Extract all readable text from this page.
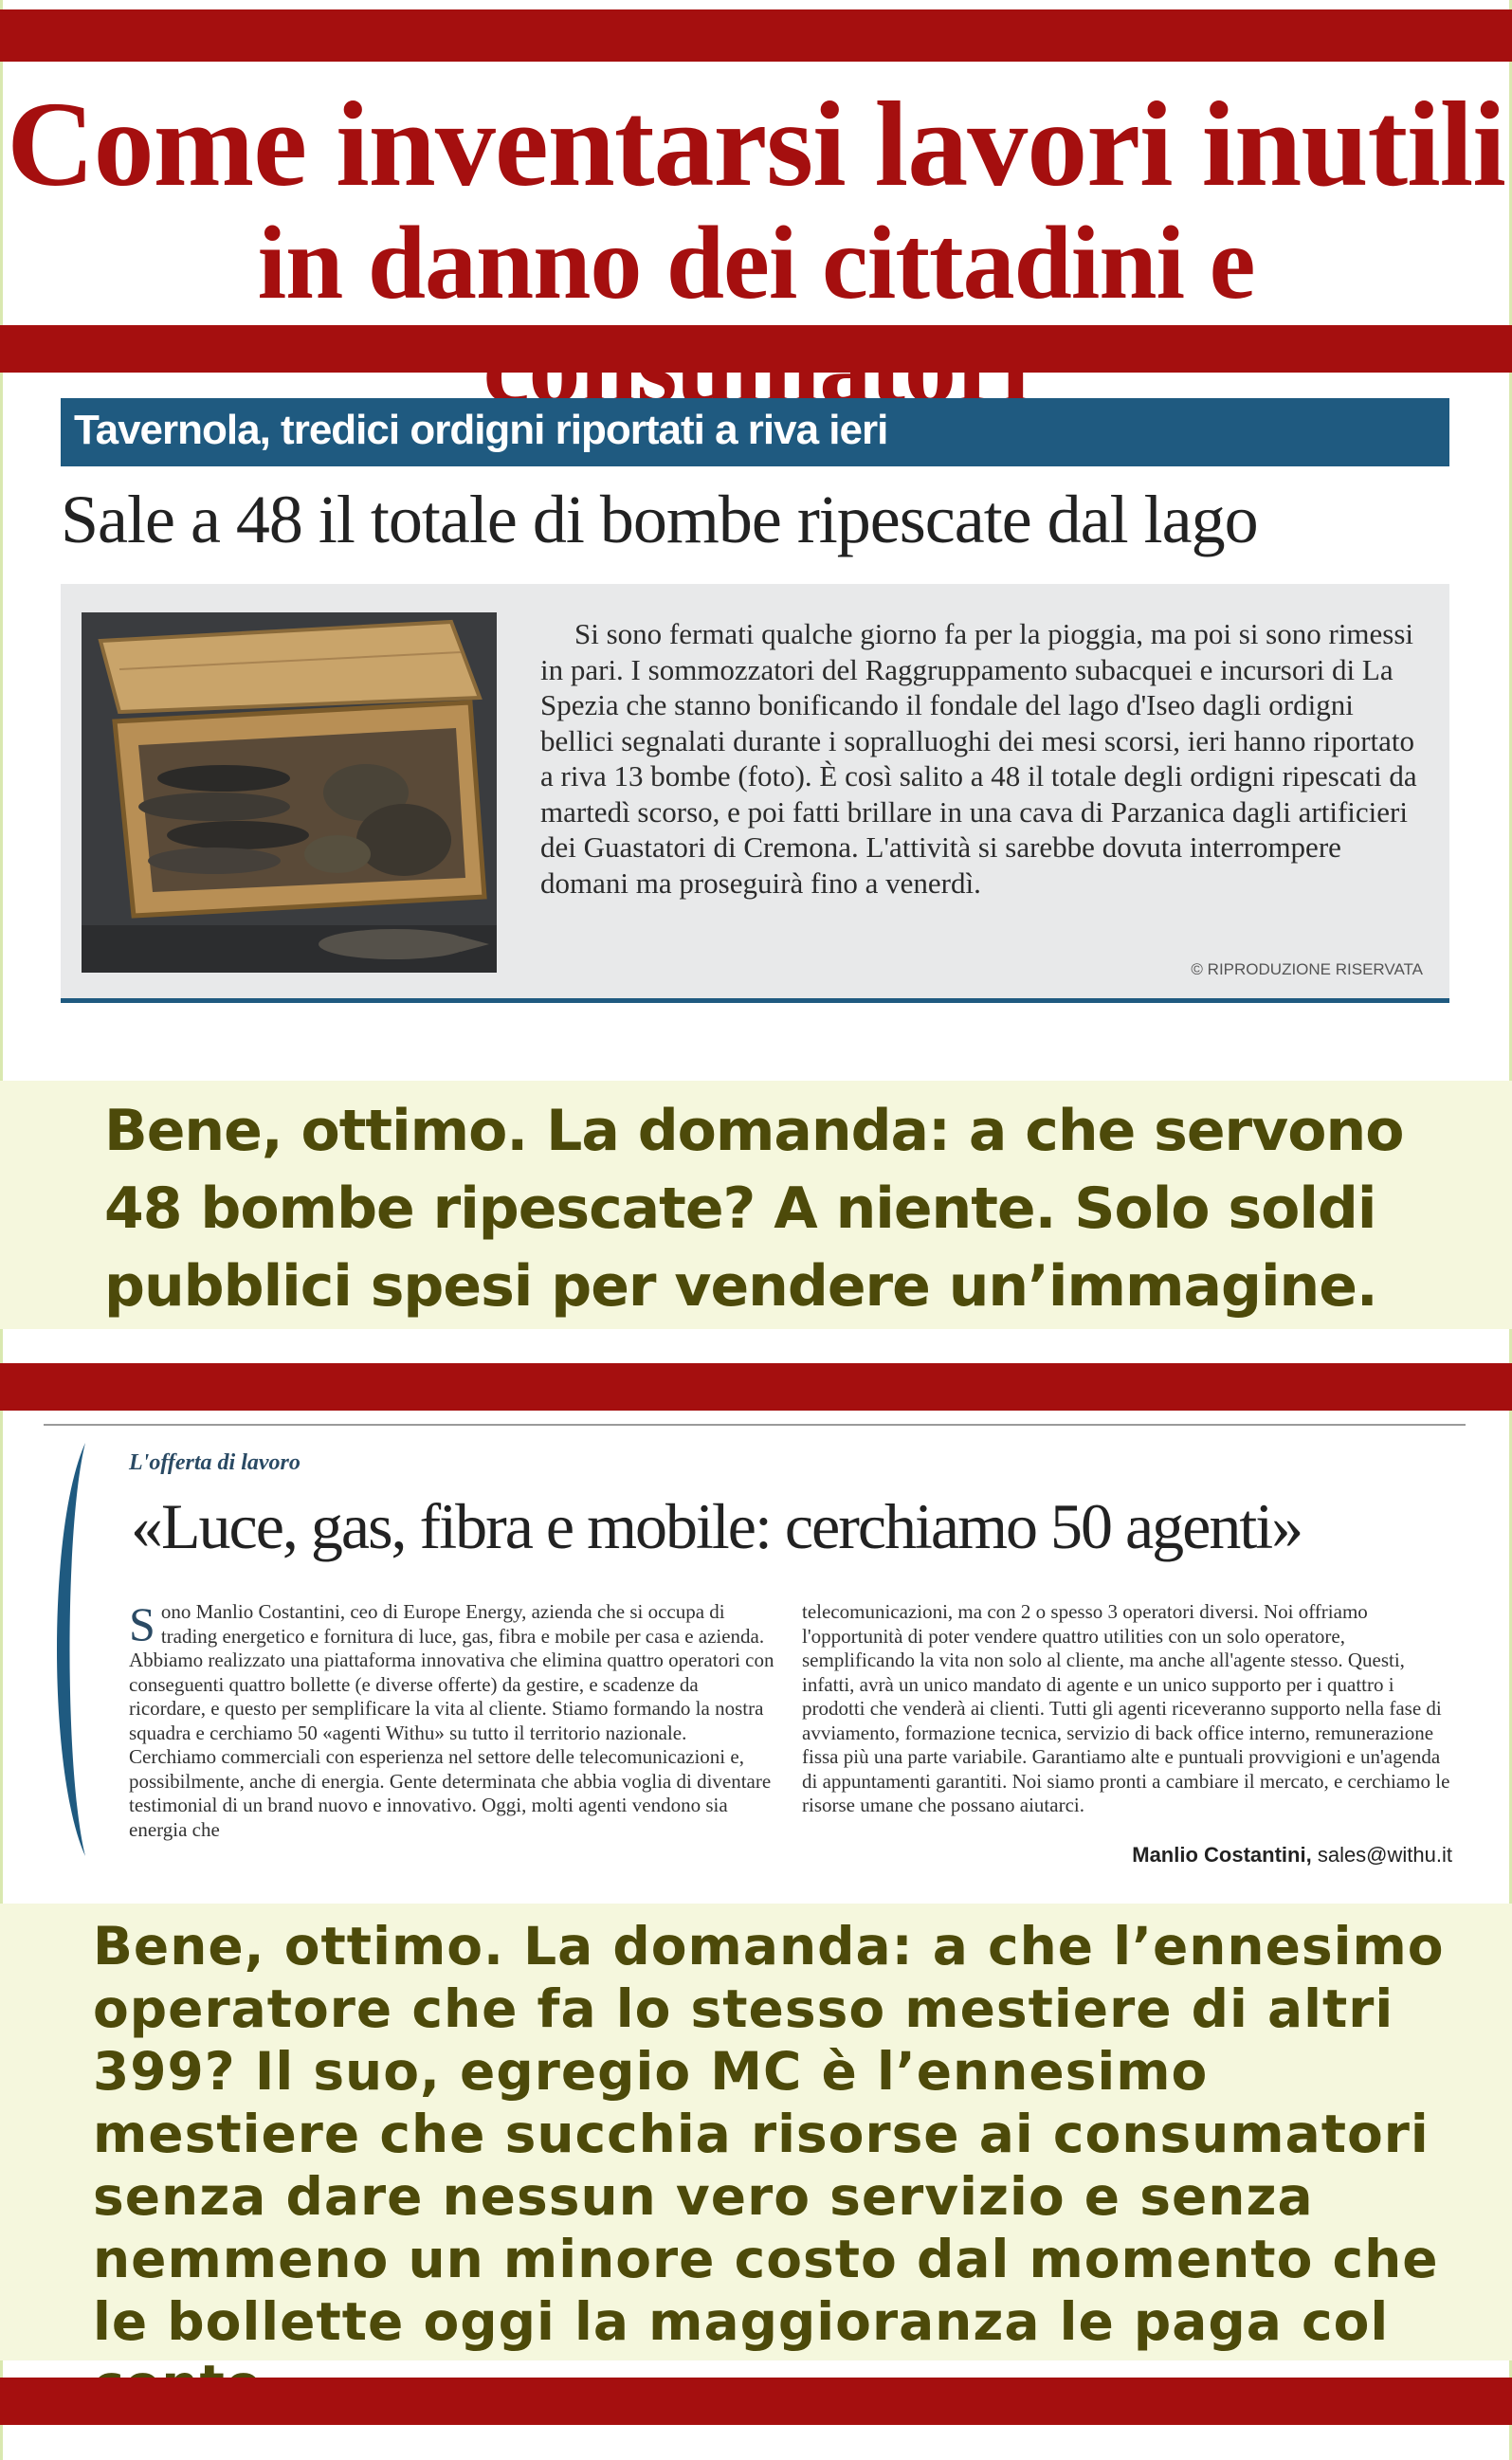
Come inventarsi lavori inutili
in danno dei cittadini e
Tavernola, tredici ordigni riportati a riva ieri
Sale a 48 il totale di bombe ripescate dal lago

Si sono fermati qualche giorno fa per la pioggia, ma poi si sono rimessi in pari. I sommozzatori del Raggruppamento subacquei e incursori di La Spezia che stanno bonificando il fondale del lago d'Iseo dagli ordigni bellici segnalati durante i sopralluoghi dei mesi scorsi, ieri hanno riportato a riva 13 bombe (foto). È così salito a 48 il totale degli ordigni ripescati da martedì scorso, e poi fatti brillare in una cava di Parzanica dagli artificieri dei Guastatori di Cremona. L'attività si sarebbe dovuta interrompere domani ma proseguirà fino a venerdì.

© RIPRODUZIONE RISERVATA

Bene, ottimo. La domanda: a che servono 48 bombe ripescate? A niente. Solo soldi pubblici spesi per vendere un’immagine.

L'offerta di lavoro
«Luce, gas, fibra e mobile: cerchiamo 50 agenti»

Sono Manlio Costantini, ceo di Europe Energy, azienda che si occupa di trading energetico e fornitura di luce, gas, fibra e mobile per casa e azienda. Abbiamo realizzato una piattaforma innovativa che elimina quattro operatori con conseguenti quattro bollette (e diverse offerte) da gestire, e scadenze da ricordare, e questo per semplificare la vita al cliente. Stiamo formando la nostra squadra e cerchiamo 50 «agenti Withu» su tutto il territorio nazionale. Cerchiamo commerciali con esperienza nel settore delle telecomunicazioni e, possibilmente, anche di energia. Gente determinata che abbia voglia di diventare testimonial di un brand nuovo e innovativo. Oggi, molti agenti vendono sia energia che

telecomunicazioni, ma con 2 o spesso 3 operatori diversi. Noi offriamo l'opportunità di poter vendere quattro utilities con un solo operatore, semplificando la vita non solo al cliente, ma anche all'agente stesso. Questi, infatti, avrà un unico mandato di agente e un unico supporto per i quattro i prodotti che venderà ai clienti. Tutti gli agenti riceveranno supporto nella fase di avviamento, formazione tecnica, servizio di back office interno, remunerazione fissa più una parte variabile. Garantiamo alte e puntuali provvigioni e un'agenda di appuntamenti garantiti. Noi siamo pronti a cambiare il mercato, e cerchiamo le risorse umane che possano aiutarci.

Manlio Costantini, sales@withu.it

Bene, ottimo. La domanda: a che l’ennesimo operatore che fa lo stesso mestiere di altri 399? Il suo, egregio MC è l’ennesimo mestiere che succhia risorse ai consumatori senza dare nessun vero servizio e senza nemmeno un minore costo dal momento che le bollette oggi la maggioranza le paga col
